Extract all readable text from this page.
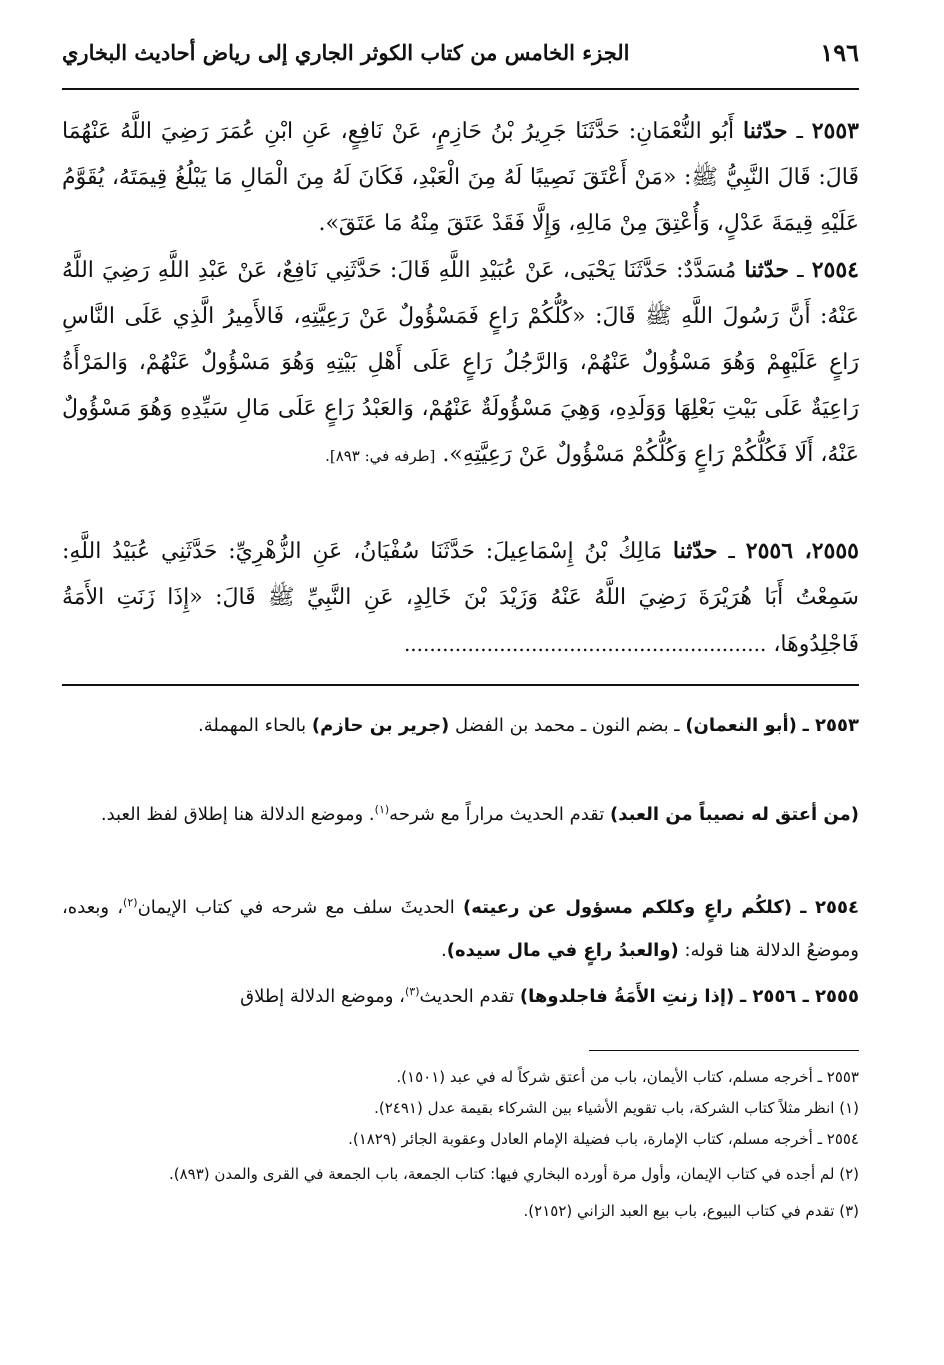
١٩٦
الجزء الخامس من كتاب الكوثر الجاري إلى رياض أحاديث البخاري
٢٥٥٣ ـ حدّثنا أَبُو النُّعْمَانِ: حَدَّثَنَا جَرِيرُ بْنُ حَازِمٍ، عَنْ نَافِعٍ، عَنِ ابْنِ عُمَرَ رَضِيَ اللَّهُ عَنْهُمَا قَالَ: قَالَ النَّبِيُّ ﷺ: «مَنْ أَعْتَقَ نَصِيبًا لَهُ مِنَ الْعَبْدِ، فَكَانَ لَهُ مِنَ الْمَالِ مَا يَبْلُغُ قِيمَتَهُ، يُقَوَّمُ عَلَيْهِ قِيمَةَ عَدْلٍ، وَأُعْتِقَ مِنْ مَالِهِ، وَإِلَّا فَقَدْ عَتَقَ مِنْهُ مَا عَتَقَ».
٢٥٥٤ ـ حدّثنا مُسَدَّدٌ: حَدَّثَنَا يَحْيَى، عَنْ عُبَيْدِ اللَّهِ قَالَ: حَدَّثَنِي نَافِعٌ، عَنْ عَبْدِ اللَّهِ رَضِيَ اللَّهُ عَنْهُ: أَنَّ رَسُولَ اللَّهِ ﷺ قَالَ: «كُلُّكُمْ رَاعٍ فَمَسْؤُولٌ عَنْ رَعِيَّتِهِ، فَالأَمِيرُ الَّذِي عَلَى النَّاسِ رَاعٍ عَلَيْهِمْ وَهُوَ مَسْؤُولٌ عَنْهُمْ، وَالرَّجُلُ رَاعٍ عَلَى أَهْلِ بَيْتِهِ وَهُوَ مَسْؤُولٌ عَنْهُمْ، وَالمَرْأَةُ رَاعِيَةٌ عَلَى بَيْتِ بَعْلِهَا وَوَلَدِهِ، وَهِيَ مَسْؤُولَةٌ عَنْهُمْ، وَالعَبْدُ رَاعٍ عَلَى مَالِ سَيِّدِهِ وَهُوَ مَسْؤُولٌ عَنْهُ، أَلَا فَكُلُّكُمْ رَاعٍ وَكُلُّكُمْ مَسْؤُولٌ عَنْ رَعِيَّتِهِ». [طرفه في: ٨٩٣].
٢٥٥٥، ٢٥٥٦ ـ حدّثنا مَالِكُ بْنُ إِسْمَاعِيلَ: حَدَّثَنَا سُفْيَانُ، عَنِ الزُّهْرِيِّ: حَدَّثَنِي عُبَيْدُ اللَّهِ: سَمِعْتُ أَبَا هُرَيْرَةَ رَضِيَ اللَّهُ عَنْهُ وَزَيْدَ بْنَ خَالِدٍ، عَنِ النَّبِيِّ ﷺ قَالَ: «إِذَا زَنَتِ الأَمَةُ فَاجْلِدُوهَا، .........................................................
٢٥٥٣ ـ (أبو النعمان) ـ بضم النون ـ محمد بن الفضل (جرير بن حازم) بالحاء المهملة.
(من أعتق له نصيباً من العبد) تقدم الحديث مراراً مع شرحه$^{(١)}$. وموضع الدلالة هنا إطلاق لفظ العبد.
٢٥٥٤ ـ (كلكُم راعٍ وكلكم مسؤول عن رعيته) الحديثَ سلف مع شرحه في كتاب الإيمان$^{(٢)}$، وبعده، وموضعُ الدلالة هنا قوله: (والعبدُ راعٍ في مال سيده).
٢٥٥٥ ـ ٢٥٥٦ ـ (إذا زنتِ الأَمَةُ فاجلدوها) تقدم الحديث$^{(٣)}$، وموضع الدلالة إطلاق
٢٥٥٣ ـ أخرجه مسلم، كتاب الأيمان، باب من أعتق شركاً له في عبد (١٥٠١).
(١) انظر مثلاً كتاب الشركة، باب تقويم الأشياء بين الشركاء بقيمة عدل (٢٤٩١).
٢٥٥٤ ـ أخرجه مسلم، كتاب الإمارة، باب فضيلة الإمام العادل وعقوبة الجائر (١٨٢٩).
(٢) لم أجده في كتاب الإيمان، وأول مرة أورده البخاري فيها: كتاب الجمعة، باب الجمعة في القرى والمدن (٨٩٣).
(٣) تقدم في كتاب البيوع، باب بيع العبد الزاني (٢١٥٢).
